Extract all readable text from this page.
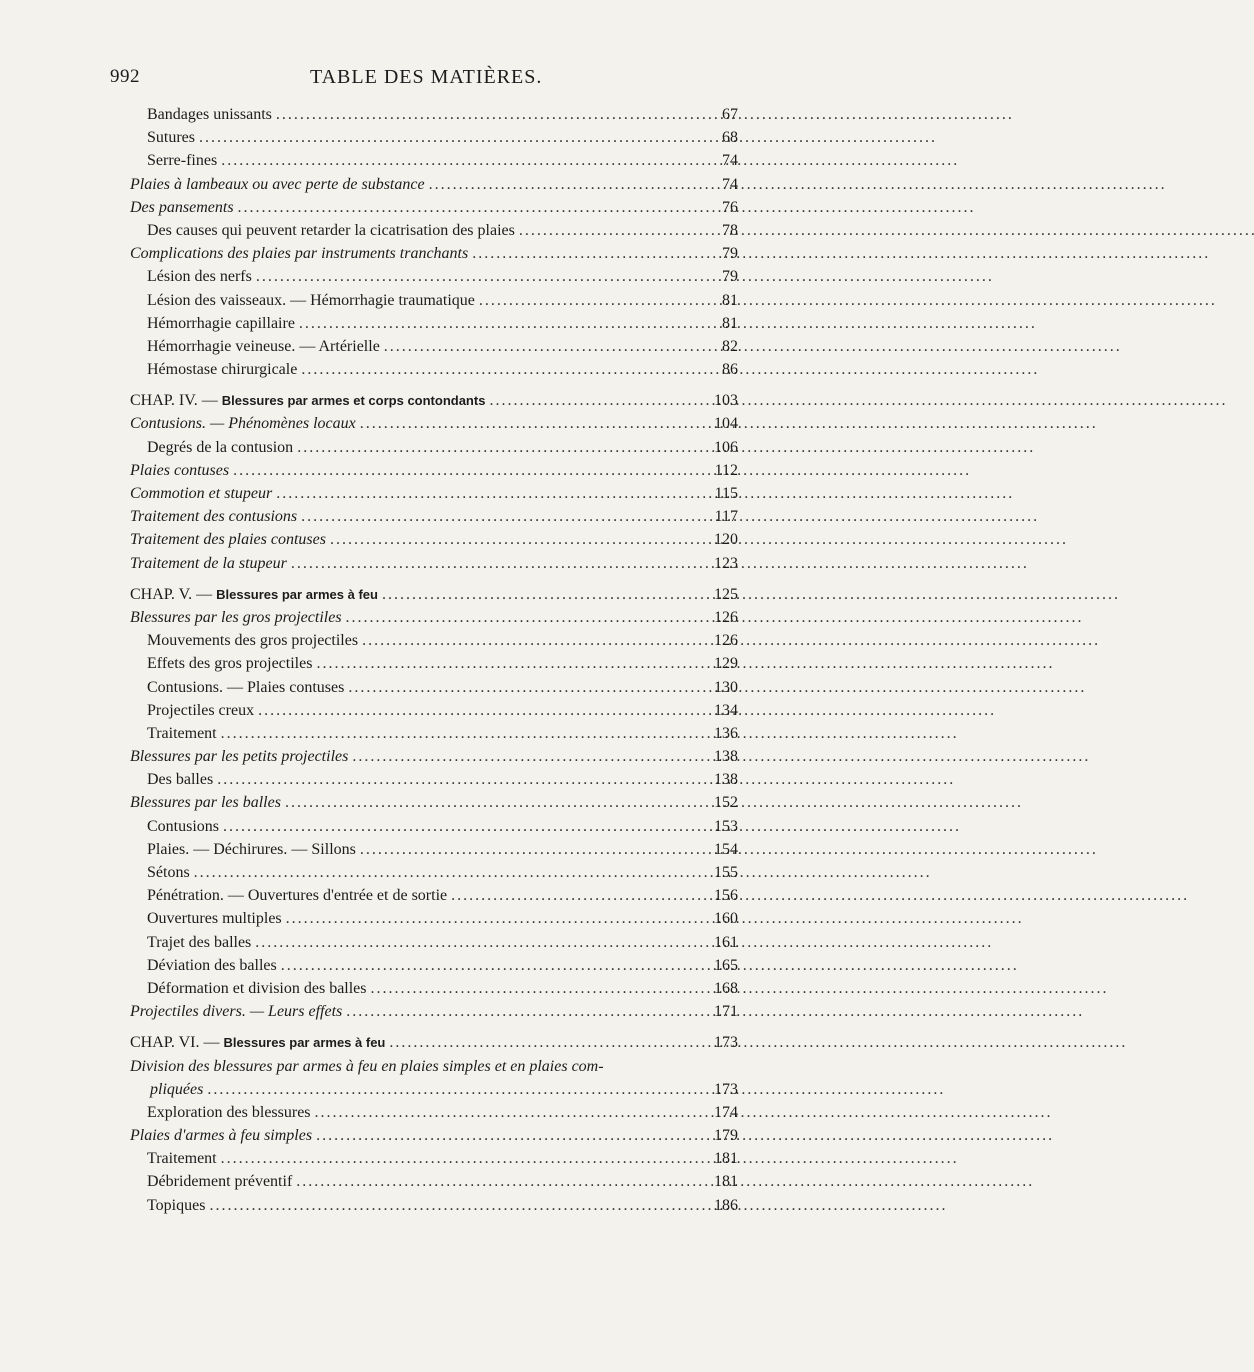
992	TABLE DES MATIÈRES.
Bandages unissants . . .	67
Sutures . . .	68
Serre-fines . . .	74
Plaies à lambeaux ou avec perte de substance . . .	74
Des pansements . . .	76
Des causes qui peuvent retarder la cicatrisation des plaies . . .	78
Complications des plaies par instruments tranchants . . .	79
Lésion des nerfs . . .	79
Lésion des vaisseaux. — Hémorrhagie traumatique . . .	81
Hémorrhagie capillaire . . .	81
Hémorrhagie veineuse. — Artérielle . . .	82
Hémostase chirurgicale . . .	86
CHAP. IV. — Blessures par armes et corps contondants . . .	103
Contusions. — Phénomènes locaux . . .	104
Degrés de la contusion . . .	106
Plaies contuses . . .	112
Commotion et stupeur . . .	115
Traitement des contusions . . .	117
Traitement des plaies contuses . . .	120
Traitement de la stupeur . . .	123
CHAP. V. — Blessures par armes à feu . . .	125
Blessures par les gros projectiles . . .	126
Mouvements des gros projectiles . . .	126
Effets des gros projectiles . . .	129
Contusions. — Plaies contuses . . .	130
Projectiles creux . . .	134
Traitement . . .	136
Blessures par les petits projectiles . . .	138
Des balles . . .	138
Blessures par les balles . . .	152
Contusions . . .	153
Plaies. — Déchirures. — Sillons . . .	154
Sétons . . .	155
Pénétration. — Ouvertures d'entrée et de sortie . . .	156
Ouvertures multiples . . .	160
Trajet des balles . . .	161
Déviation des balles . . .	165
Déformation et division des balles . . .	168
Projectiles divers. — Leurs effets . . .	171
CHAP. VI. — Blessures par armes à feu . . .	173
Division des blessures par armes à feu en plaies simples et en plaies com-
pliquées . . .	173
Exploration des blessures . . .	174
Plaies d'armes à feu simples . . .	179
Traitement . . .	181
Débridement préventif . . .	181
Topiques . . .	186
